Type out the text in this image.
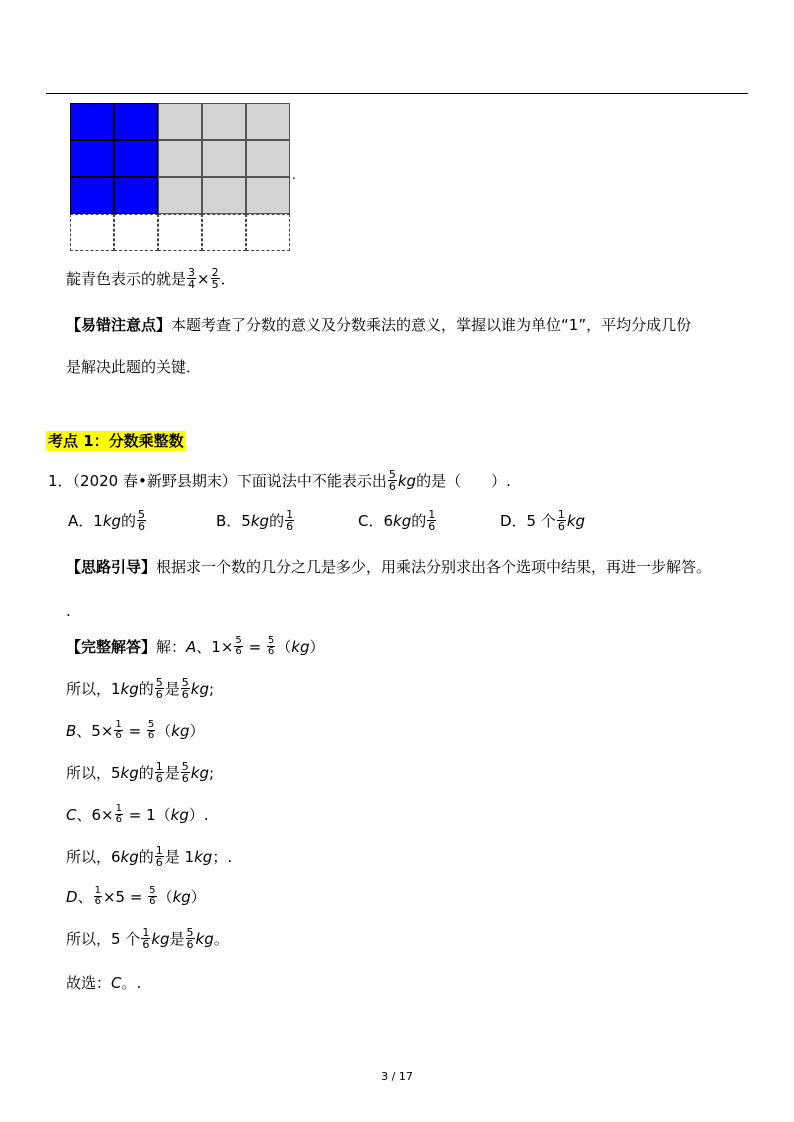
.
靛青色表示的就是 $\frac{3}{4} \times \frac{2}{5}$ ．
【易错注意点】本题考查了分数的意义及分数乘法的意义，掌握以谁为单位“1”，平均分成几份
是解决此题的关键．
考点 1：分数乘整数
1．（2020 春•新野县期末）下面说法中不能表示出 $\frac{5}{6}$ kg的是（　　）.
A．1kg的 $\frac{5}{6}$	B．5kg的 $\frac{1}{6}$	C．6kg的 $\frac{1}{6}$	D．5 个 $\frac{1}{6}$ kg
【思路引导】根据求一个数的几分之几是多少，用乘法分别求出各个选项中结果，再进一步解答。
.
【完整解答】解：A、$1\times \frac{5}{6} = \frac{5}{6} (kg)$
所以，1kg的 $\frac{5}{6}$ 是 $\frac{5}{6}$ kg;
B、$5\times \frac{1}{6} = \frac{5}{6} (kg)$
所以，5kg的 $\frac{1}{6}$ 是 $\frac{5}{6}$ kg;
C、$6\times \frac{1}{6} = 1(kg)$.
所以，6kg的 $\frac{1}{6}$ 是 1kg；.
D、 $\frac{1}{6} \times 5 = \frac{5}{6} (kg)$
所以，5 个 $\frac{1}{6}$ kg是 $\frac{5}{6}$ kg。
故选：C。.
3 / 17
